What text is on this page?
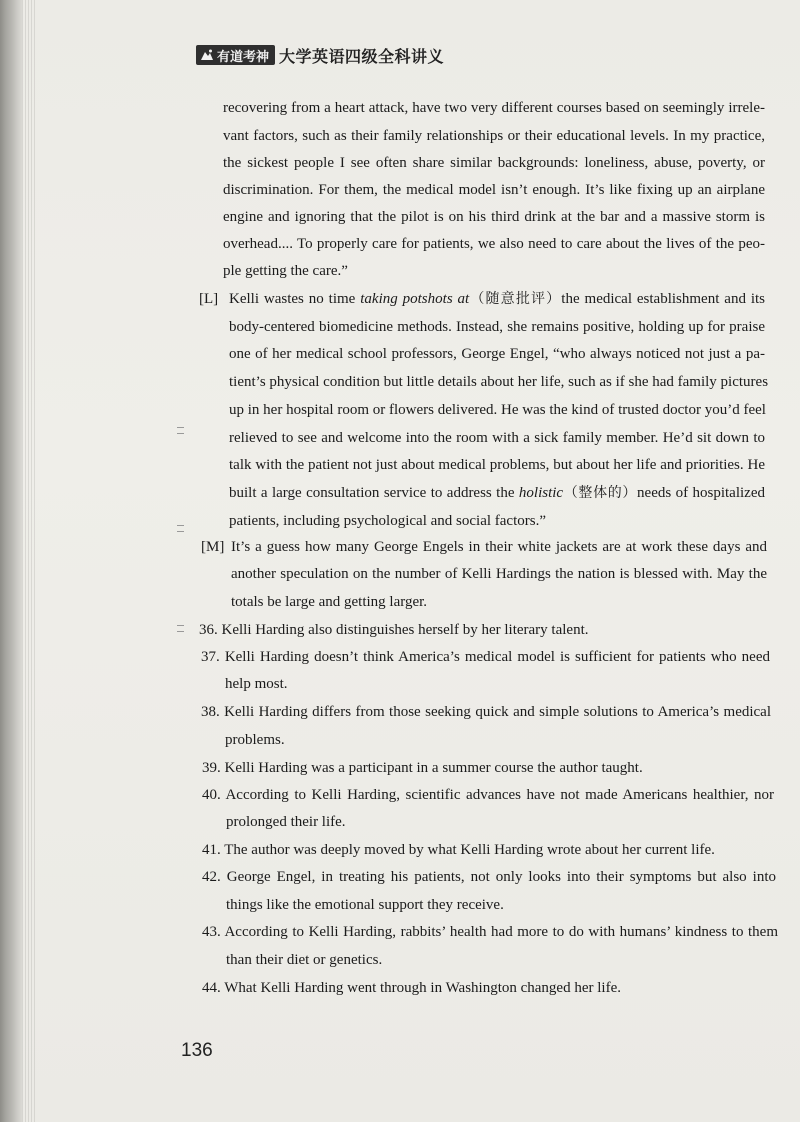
有道考神 大学英语四级全科讲义
recovering from a heart attack, have two very different courses based on seemingly irrele-
vant factors, such as their family relationships or their educational levels. In my practice,
the sickest people I see often share similar backgrounds: loneliness, abuse, poverty, or
discrimination. For them, the medical model isn’t enough. It’s like fixing up an airplane
engine and ignoring that the pilot is on his third drink at the bar and a massive storm is
overhead.... To properly care for patients, we also need to care about the lives of the peo-
ple getting the care.”
[L] Kelli wastes no time taking potshots at（随意批评）the medical establishment and its
body-centered biomedicine methods. Instead, she remains positive, holding up for praise
one of her medical school professors, George Engel, “who always noticed not just a pa-
tient’s physical condition but little details about her life, such as if she had family pictures
up in her hospital room or flowers delivered. He was the kind of trusted doctor you’d feel
relieved to see and welcome into the room with a sick family member. He’d sit down to
talk with the patient not just about medical problems, but about her life and priorities. He
built a large consultation service to address the holistic（整体的）needs of hospitalized
patients, including psychological and social factors.”
[M] It’s a guess how many George Engels in their white jackets are at work these days and
another speculation on the number of Kelli Hardings the nation is blessed with. May the
totals be large and getting larger.
36. Kelli Harding also distinguishes herself by her literary talent.
37. Kelli Harding doesn’t think America’s medical model is sufficient for patients who need
help most.
38. Kelli Harding differs from those seeking quick and simple solutions to America’s medical
problems.
39. Kelli Harding was a participant in a summer course the author taught.
40. According to Kelli Harding, scientific advances have not made Americans healthier, nor
prolonged their life.
41. The author was deeply moved by what Kelli Harding wrote about her current life.
42. George Engel, in treating his patients, not only looks into their symptoms but also into
things like the emotional support they receive.
43. According to Kelli Harding, rabbits’ health had more to do with humans’ kindness to them
than their diet or genetics.
44. What Kelli Harding went through in Washington changed her life.
136
